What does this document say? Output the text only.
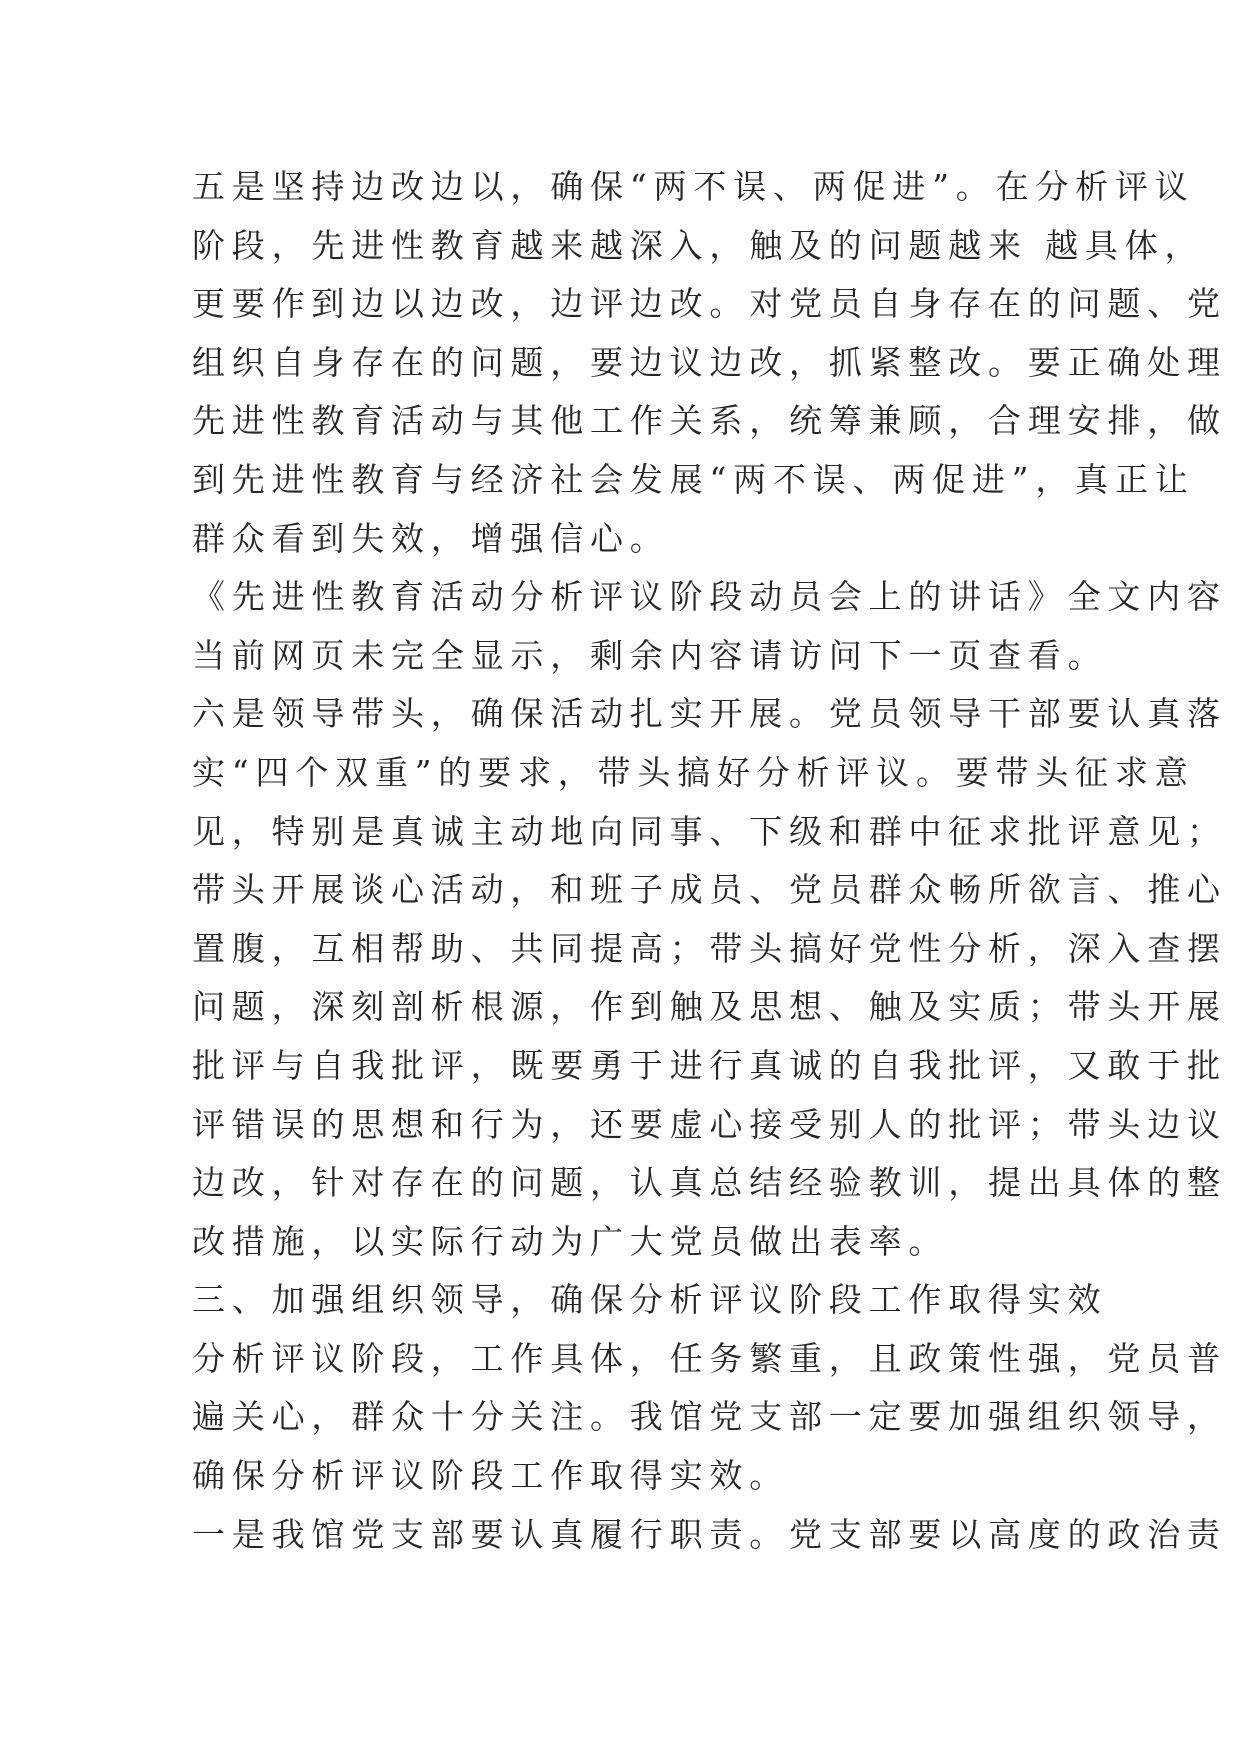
五是坚持边改边以，确保“两不误、两促进”。在分析评议
阶段，先进性教育越来越深入，触及的问题越来 越具体，
更要作到边以边改，边评边改。对党员自身存在的问题、党
组织自身存在的问题，要边议边改，抓紧整改。要正确处理
先进性教育活动与其他工作关系，统筹兼顾，合理安排，做
到先进性教育与经济社会发展“两不误、两促进”，真正让
群众看到失效，增强信心。
《先进性教育活动分析评议阶段动员会上的讲话》全文内容
当前网页未完全显示，剩余内容请访问下一页查看。
六是领导带头，确保活动扎实开展。党员领导干部要认真落
实“四个双重”的要求，带头搞好分析评议。要带头征求意
见，特别是真诚主动地向同事、下级和群中征求批评意见；
带头开展谈心活动，和班子成员、党员群众畅所欲言、推心
置腹，互相帮助、共同提高；带头搞好党性分析，深入查摆
问题，深刻剖析根源，作到触及思想、触及实质；带头开展
批评与自我批评，既要勇于进行真诚的自我批评，又敢于批
评错误的思想和行为，还要虚心接受别人的批评；带头边议
边改，针对存在的问题，认真总结经验教训，提出具体的整
改措施，以实际行动为广大党员做出表率。
三、加强组织领导，确保分析评议阶段工作取得实效
分析评议阶段，工作具体，任务繁重，且政策性强，党员普
遍关心，群众十分关注。我馆党支部一定要加强组织领导，
确保分析评议阶段工作取得实效。
一是我馆党支部要认真履行职责。党支部要以高度的政治责
